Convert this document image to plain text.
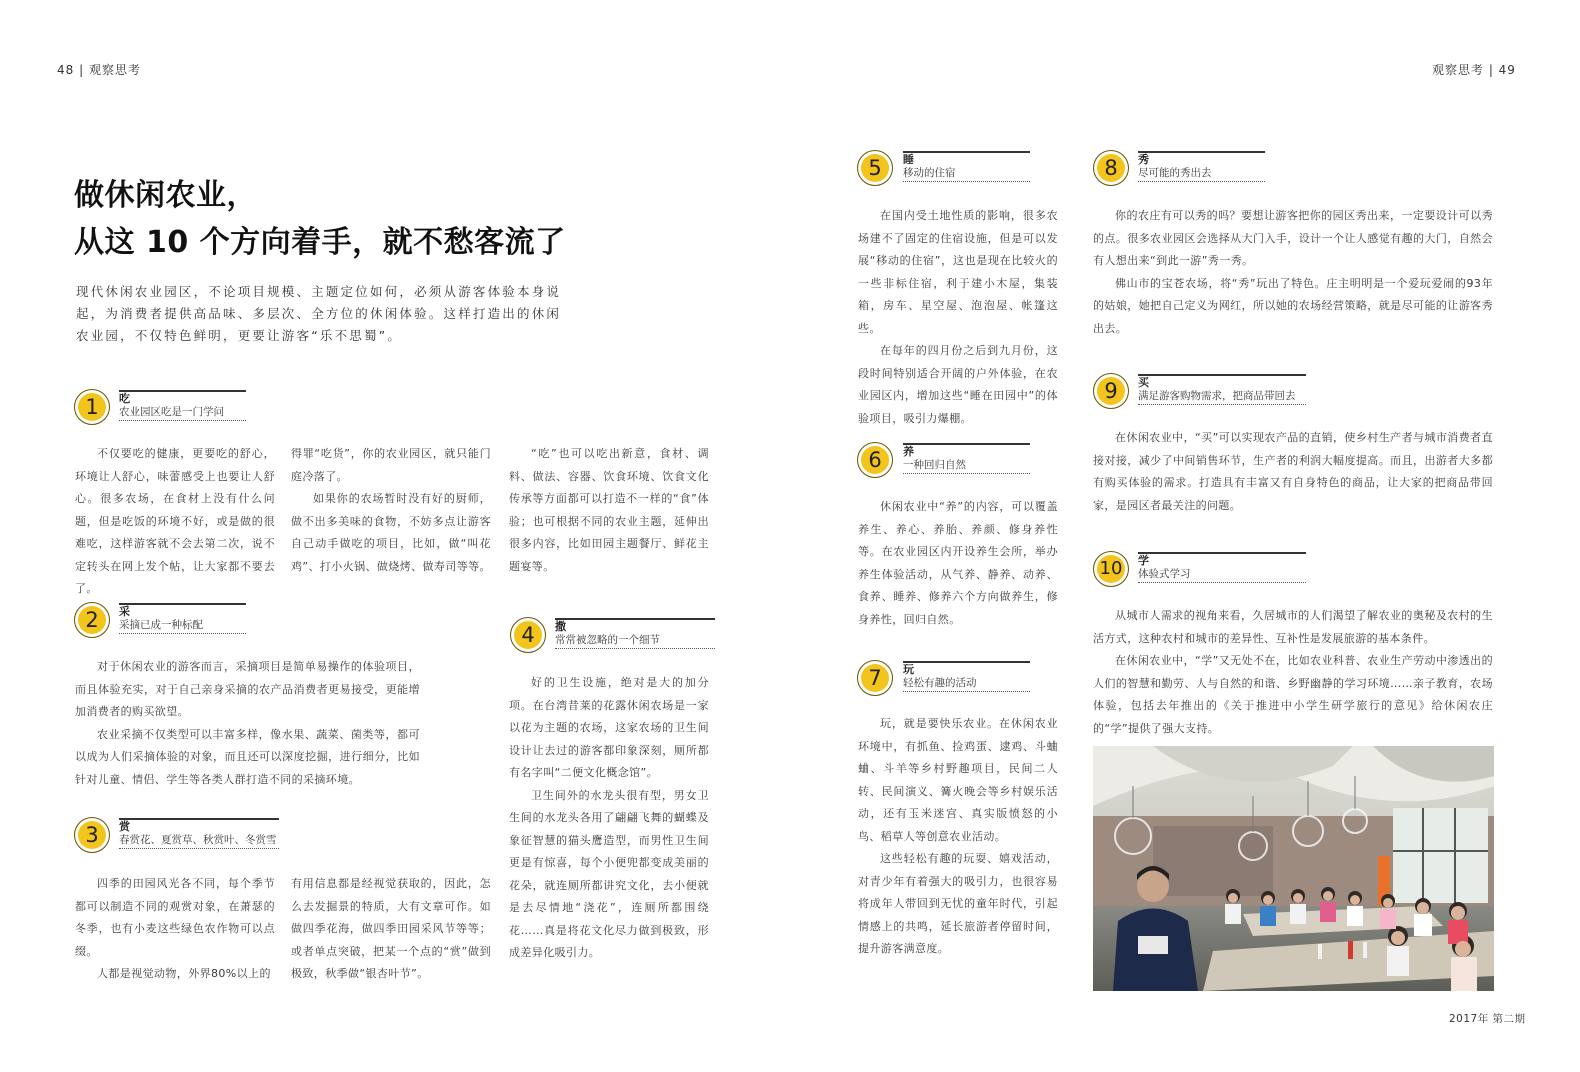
48 | 观察思考	观察思考 | 49
做休闲农业，
从这 10 个方向着手，就不愁客流了
现代休闲农业园区，不论项目规模、主题定位如何，必须从游客体验本身说起，为消费者提供高品味、多层次、全方位的休闲体验。这样打造出的休闲农业园，不仅特色鲜明，更要让游客“乐不思蜀”。
1	吃
农业园区吃是一门学问

不仅要吃的健康，更要吃的舒心，环境让人舒心，味蕾感受上也要让人舒心。很多农场，在食材上没有什么问题，但是吃饭的环境不好，或是做的很难吃，这样游客就不会去第二次，说不定转头在网上发个帖，让大家都不要去了。

得罪“吃货”，你的农业园区，就只能门庭冷落了。

如果你的农场暂时没有好的厨师，做不出多美味的食物，不妨多点让游客自己动手做吃的项目，比如，做“叫花鸡”、打小火锅、做烧烤、做寿司等等。

“吃”也可以吃出新意，食材、调料、做法、容器、饮食环境、饮食文化传承等方面都可以打造不一样的“食”体验；也可根据不同的农业主题，延伸出很多内容，比如田园主题餐厅、鲜花主题宴等。

2	采
采摘已成一种标配

对于休闲农业的游客而言，采摘项目是简单易操作的体验项目，而且体验充实，对于自己亲身采摘的农产品消费者更易接受，更能增加消费者的购买欲望。

农业采摘不仅类型可以丰富多样，像水果、蔬菜、菌类等，都可以成为人们采摘体验的对象，而且还可以深度挖掘，进行细分，比如针对儿童、情侣、学生等各类人群打造不同的采摘环境。

3	赏
春赏花、夏赏草、秋赏叶、冬赏雪

四季的田园风光各不同，每个季节都可以制造不同的观赏对象，在萧瑟的冬季，也有小麦这些绿色农作物可以点缀。

人都是视觉动物，外界80%以上的

有用信息都是经视觉获取的，因此，怎么去发掘景的特质，大有文章可作。如做四季花海，做四季田园采风节等等；或者单点突破，把某一个点的“赏”做到极致，秋季做“银杏叶节”。

4	撒
常常被忽略的一个细节

好的卫生设施，绝对是大的加分项。在台湾昔莱的花露休闲农场是一家以花为主题的农场，这家农场的卫生间设计让去过的游客都印象深刻，厕所都有名字叫“二便文化概念馆”。

卫生间外的水龙头很有型，男女卫生间的水龙头各用了翩翩飞舞的蝴蝶及象征智慧的猫头鹰造型，而男性卫生间更是有惊喜，每个小便兜都变成美丽的花朵，就连厕所都讲究文化，去小便就是去尽情地“浇花”，连厕所都围绕花……真是将花文化尽力做到极致，形成差异化吸引力。

5	睡
移动的住宿

在国内受土地性质的影响，很多农场建不了固定的住宿设施，但是可以发展“移动的住宿”，这也是现在比较火的一些非标住宿，利于建小木屋，集装箱，房车、星空屋、泡泡屋、帐篷这些。

在每年的四月份之后到九月份，这段时间特别适合开阔的户外体验，在农业园区内，增加这些“睡在田园中”的体验项目，吸引力爆棚。

6	养
一种回归自然

休闲农业中“养”的内容，可以覆盖养生、养心、养胎、养颜、修身养性等。在农业园区内开设养生会所，举办养生体验活动，从气养、静养、动养、食养、睡养、修养六个方向做养生，修身养性，回归自然。

7	玩
轻松有趣的活动

玩，就是要快乐农业。在休闲农业环境中，有抓鱼、捡鸡蛋、逮鸡、斗蛐蛐、斗羊等乡村野趣项目，民间二人转、民间演义、篝火晚会等乡村娱乐活动，还有玉米迷宫、真实版愤怒的小鸟、稻草人等创意农业活动。

这些轻松有趣的玩耍、嬉戏活动，对青少年有着强大的吸引力，也很容易将成年人带回到无忧的童年时代，引起情感上的共鸣，延长旅游者停留时间，提升游客满意度。

8	秀
尽可能的秀出去

你的农庄有可以秀的吗？要想让游客把你的园区秀出来，一定要设计可以秀的点。很多农业园区会选择从大门入手，设计一个让人感觉有趣的大门，自然会有人想出来“到此一游”秀一秀。

佛山市的宝苍农场，将“秀”玩出了特色。庄主明明是一个爱玩爱闹的93年的姑娘，她把自己定义为网红，所以她的农场经营策略，就是尽可能的让游客秀出去。

9	买
满足游客购物需求，把商品带回去

在休闲农业中，“买”可以实现农产品的直销，使乡村生产者与城市消费者直接对接，减少了中间销售环节，生产者的利润大幅度提高。而且，出游者大多都有购买体验的需求。打造具有丰富又有自身特色的商品，让大家的把商品带回家，是园区者最关注的问题。

10	学
体验式学习

从城市人需求的视角来看，久居城市的人们渴望了解农业的奥秘及农村的生活方式，这种农村和城市的差异性、互补性是发展旅游的基本条件。

在休闲农业中，“学”又无处不在，比如农业科普、农业生产劳动中渗透出的人们的智慧和勤劳、人与自然的和谐、乡野幽静的学习环境……亲子教育，农场体验，包括去年推出的《关于推进中小学生研学旅行的意见》给休闲农庄的“学”提供了强大支持。

2017年 第二期
